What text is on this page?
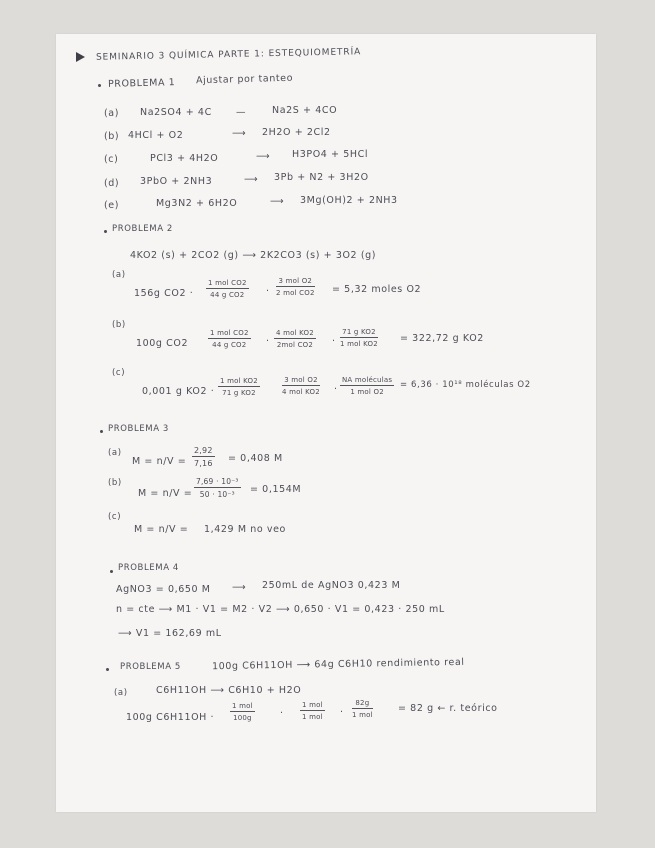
SEMINARIO 3 QUÍMICA PARTE 1: ESTEQUIOMETRÍA
PROBLEMA 1 Ajustar por tanteo
(a) Na2SO4 + 4C	—	Na2S + 4CO
(b) 4HCl + O2	⟶ 2H2O + 2Cl2
(c)	PCl3 + 4H2O	⟶ H3PO4 + 5HCl
(d) 3PbO + 2NH3	⟶ 3Pb + N2 + 3H2O
(e)	Mg3N2 + 6H2O	⟶ 3Mg(OH)2 + 2NH3
PROBLEMA 2
4KO2 (s) + 2CO2 (g) ⟶ 2K2CO3 (s) + 3O2 (g)
(a)
156g CO2 ·
1 mol CO2
44 g CO2	·
3 mol O2
2 mol CO2 = 5,32 moles O2
(b)
100g CO2
1 mol CO2
44 g CO2	·
4 mol KO2
2mol CO2	·
71 g KO2
1 mol KO2 = 322,72 g KO2
(c)
0,001 g KO2 ·
1 mol KO2
71 g KO2
3 mol O2
4 mol KO2 ·
NA moléculas
1 mol O2
= 6,36 · 10¹⁸ moléculas O2
PROBLEMA 3
(a)
$M = n/V = \frac{2,92}{7,16} = 0,408$ M
(b)
$M = n/V = \frac{\text{7,69 · 10⁻³}}{\text{50 · 10⁻³}} = 0,154M$
(c)
M = n/V = 1,429 M no veo
PROBLEMA 4
AgNO3 = 0,650 M ⟶ 250mL de AgNO3 0,423 M
n = cte ⟶ M1 · V1 = M2 · V2 ⟶ 0,650 · V1 = 0,423 · 250 mL
⟶ V1 = 162,69 mL
PROBLEMA 5	100g C6H11OH ⟶ 64g C6H10 rendimiento real
(a)	C6H11OH ⟶ C6H10 + H2O
100g C6H11OH ·
1 mol
100g	·
1 mol
1 mol ·
82g
1 mol
= 82 g ← r. teórico
